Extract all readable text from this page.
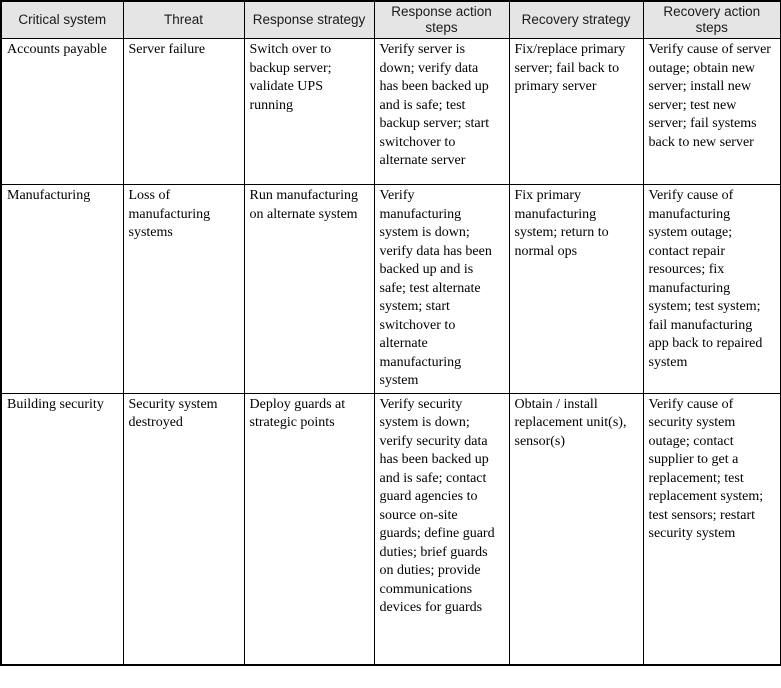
Critical system	Threat	Response strategy	Response action steps	Recovery strategy	Recovery action steps
Accounts payable	Server failure	Switch over to backup server; validate UPS running	Verify server is down; verify data has been backed up and is safe; test backup server; start switchover to alternate server	Fix/replace primary server; fail back to primary server	Verify cause of server outage; obtain new server; install new server; test new server; fail systems back to new server
Manufacturing	Loss of manufacturing systems	Run manufacturing on alternate system	Verify manufacturing system is down; verify data has been backed up and is safe; test alternate system; start switchover to alternate manufacturing system	Fix primary manufacturing system; return to normal ops	Verify cause of manufacturing system outage; contact repair resources; fix manufacturing system; test system; fail manufacturing app back to repaired system
Building security	Security system destroyed	Deploy guards at strategic points	Verify security system is down; verify security data has been backed up and is safe; contact guard agencies to source on-site guards; define guard duties; brief guards on duties; provide communications devices for guards	Obtain / install replacement unit(s), sensor(s)	Verify cause of security system outage; contact supplier to get a replacement; test replacement system; test sensors; restart security system
